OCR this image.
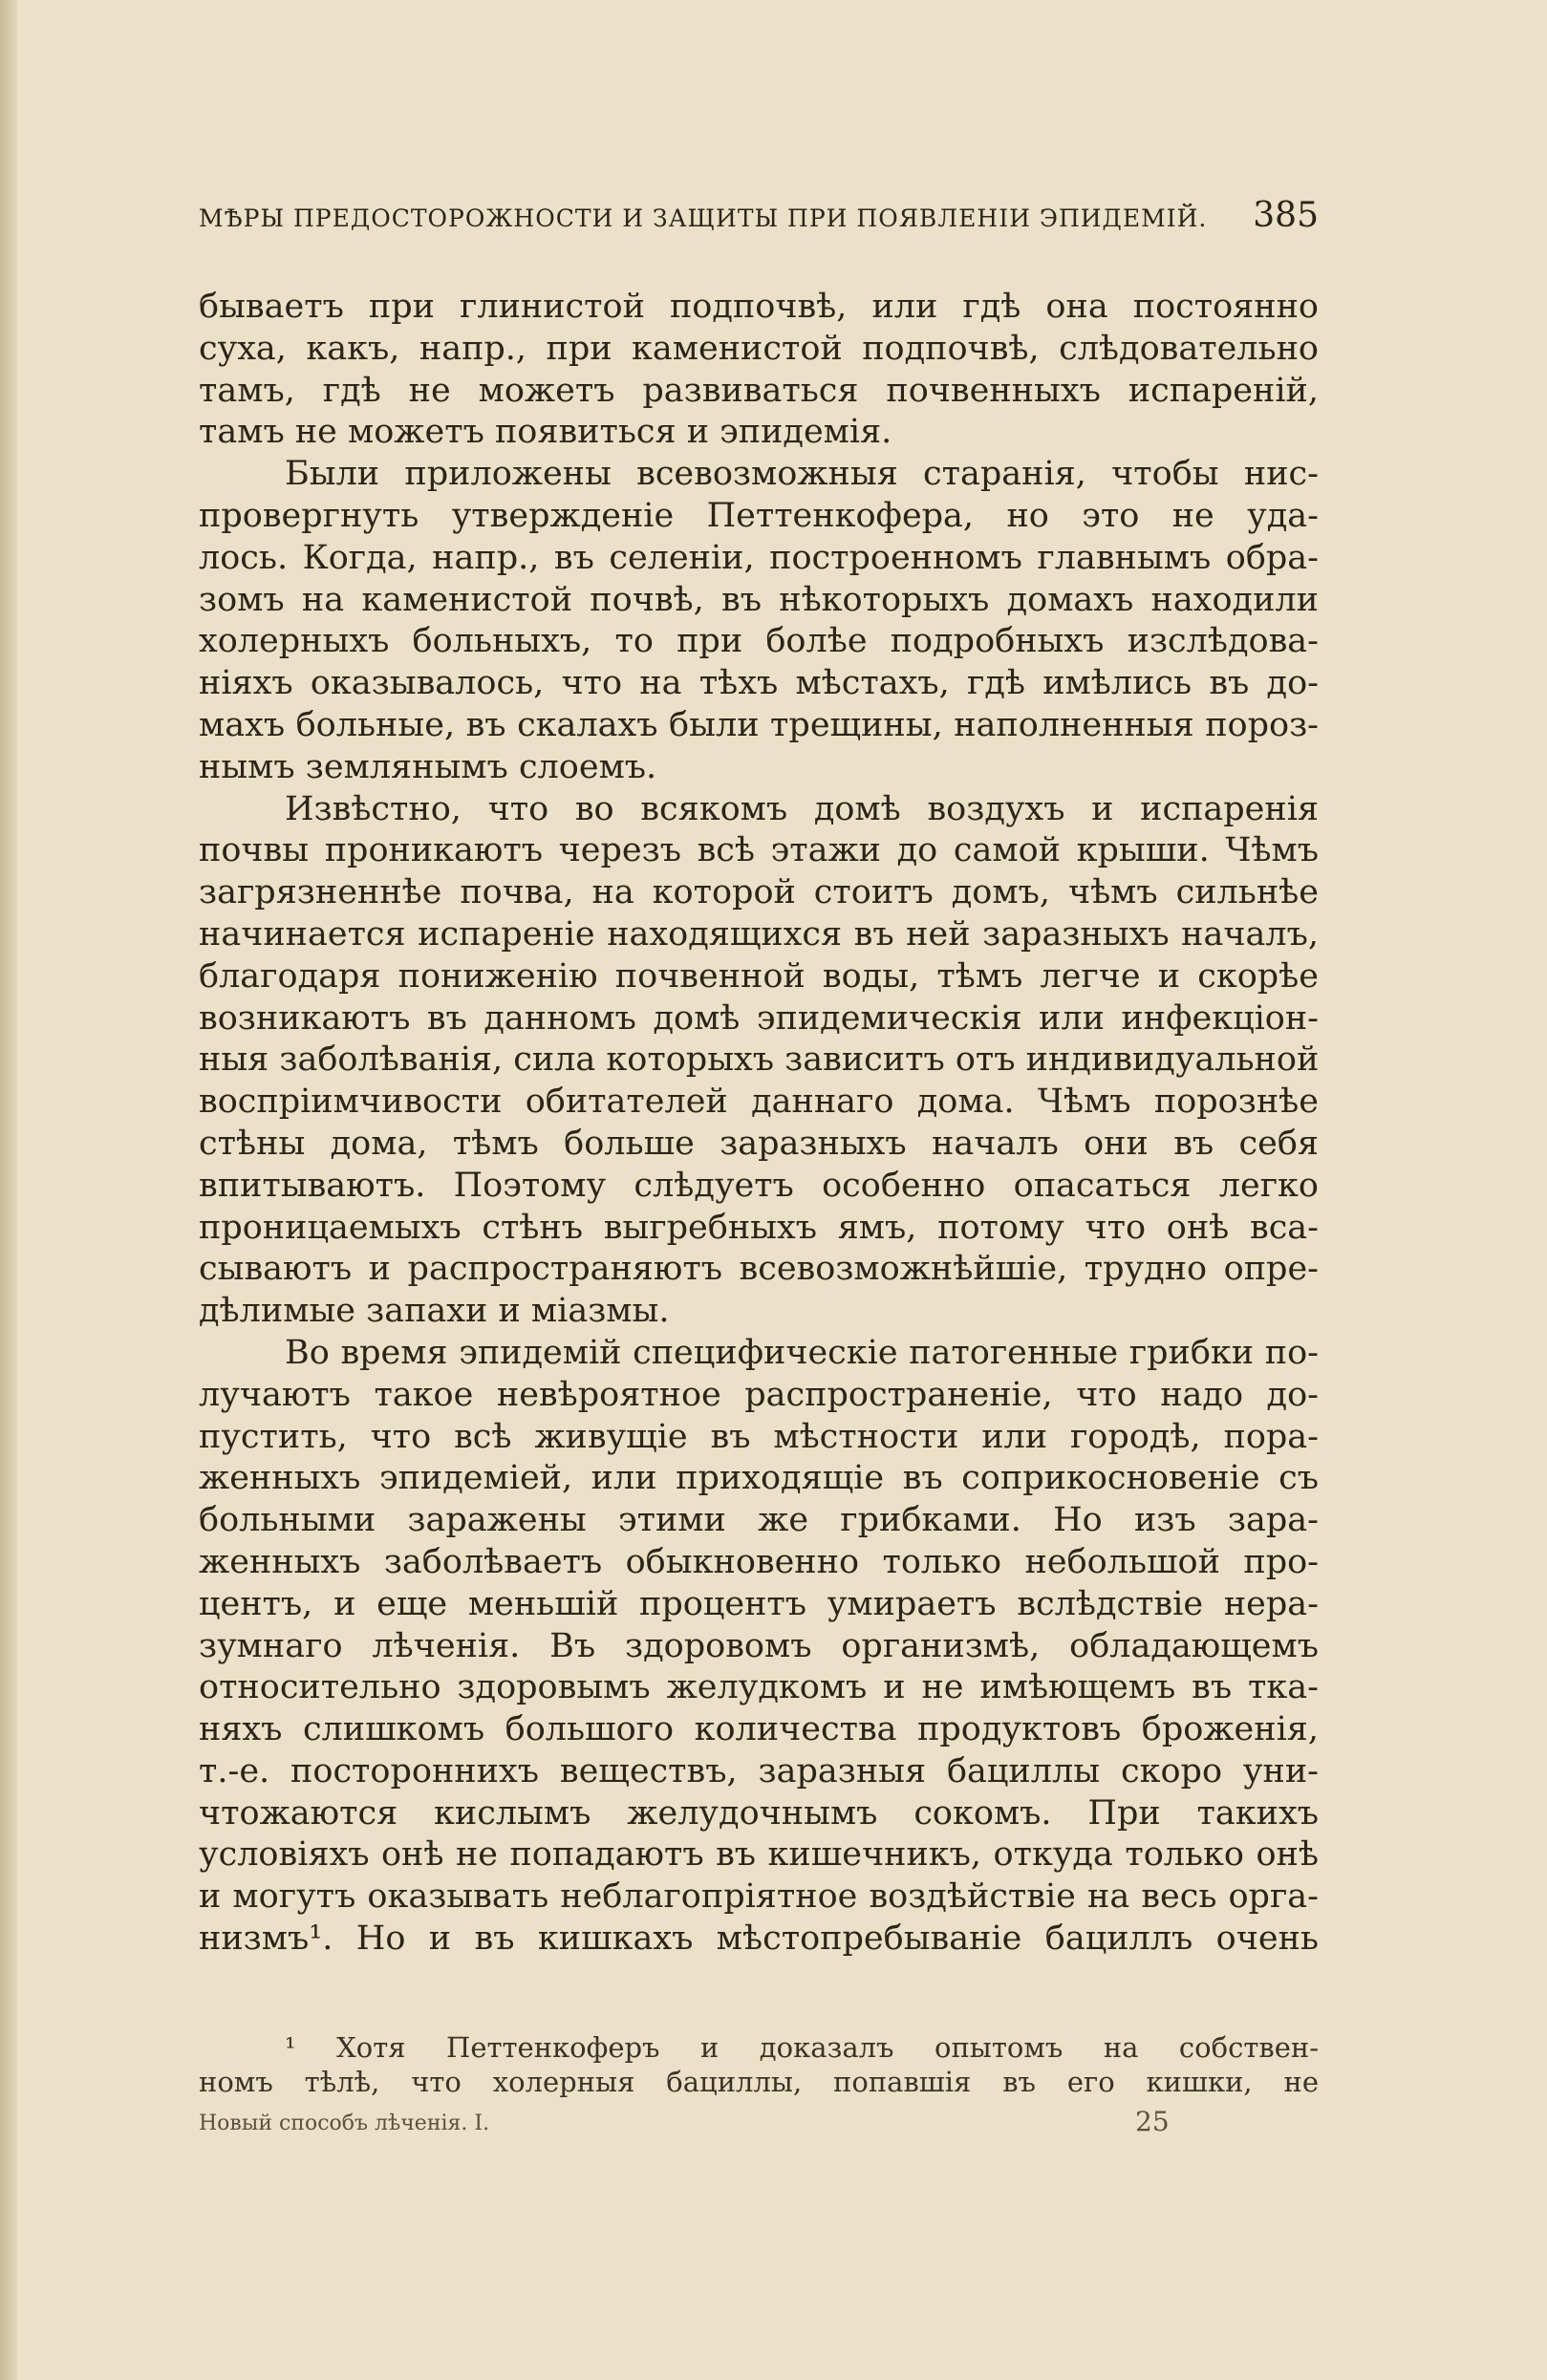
МѢРЫ ПРЕДОСТОРОЖНОСТИ И ЗАЩИТЫ ПРИ ПОЯВЛЕНІИ ЭПИДЕМІЙ. 385
бываетъ при глинистой подпочвѣ, или гдѣ она постоянно
суха, какъ, напр., при каменистой подпочвѣ, слѣдовательно
тамъ, гдѣ не можетъ развиваться почвенныхъ испареній,
тамъ не можетъ появиться и эпидемія.
Были приложены всевозможныя старанія, чтобы нис-
провергнуть утвержденіе Петтенкофера, но это не уда-
лось. Когда, напр., въ селеніи, построенномъ главнымъ обра-
зомъ на каменистой почвѣ, въ нѣкоторыхъ домахъ находили
холерныхъ больныхъ, то при болѣе подробныхъ изслѣдова-
ніяхъ оказывалось, что на тѣхъ мѣстахъ, гдѣ имѣлись въ до-
махъ больные, въ скалахъ были трещины, наполненныя пороз-
нымъ землянымъ слоемъ.
Извѣстно, что во всякомъ домѣ воздухъ и испаренія
почвы проникаютъ черезъ всѣ этажи до самой крыши. Чѣмъ
загрязненнѣе почва, на которой стоитъ домъ, чѣмъ сильнѣе
начинается испареніе находящихся въ ней заразныхъ началъ,
благодаря пониженію почвенной воды, тѣмъ легче и скорѣе
возникаютъ въ данномъ домѣ эпидемическія или инфекціон-
ныя заболѣванія, сила которыхъ зависитъ отъ индивидуальной
воспріимчивости обитателей даннаго дома. Чѣмъ порознѣе
стѣны дома, тѣмъ больше заразныхъ началъ они въ себя
впитываютъ. Поэтому слѣдуетъ особенно опасаться легко
проницаемыхъ стѣнъ выгребныхъ ямъ, потому что онѣ вса-
сываютъ и распространяютъ всевозможнѣйшіе, трудно опре-
дѣлимые запахи и міазмы.
Во время эпидемій специфическіе патогенные грибки по-
лучаютъ такое невѣроятное распространеніе, что надо до-
пустить, что всѣ живущіе въ мѣстности или городѣ, пора-
женныхъ эпидеміей, или приходящіе въ соприкосновеніе съ
больными заражены этими же грибками. Но изъ зара-
женныхъ заболѣваетъ обыкновенно только небольшой про-
центъ, и еще меньшій процентъ умираетъ вслѣдствіе нера-
зумнаго лѣченія. Въ здоровомъ организмѣ, обладающемъ
относительно здоровымъ желудкомъ и не имѣющемъ въ тка-
няхъ слишкомъ большого количества продуктовъ броженія,
т.-е. постороннихъ веществъ, заразныя бациллы скоро уни-
чтожаются кислымъ желудочнымъ сокомъ. При такихъ
условіяхъ онѣ не попадаютъ въ кишечникъ, откуда только онѣ
и могутъ оказывать неблагопріятное воздѣйствіе на весь орга-
низмъ¹. Но и въ кишкахъ мѣстопребываніе бациллъ очень
¹ Хотя Петтенкоферъ и доказалъ опытомъ на собствен-
номъ тѣлѣ, что холерныя бациллы, попавшія въ его кишки, не
Новый способъ лѣченія. I.	25
